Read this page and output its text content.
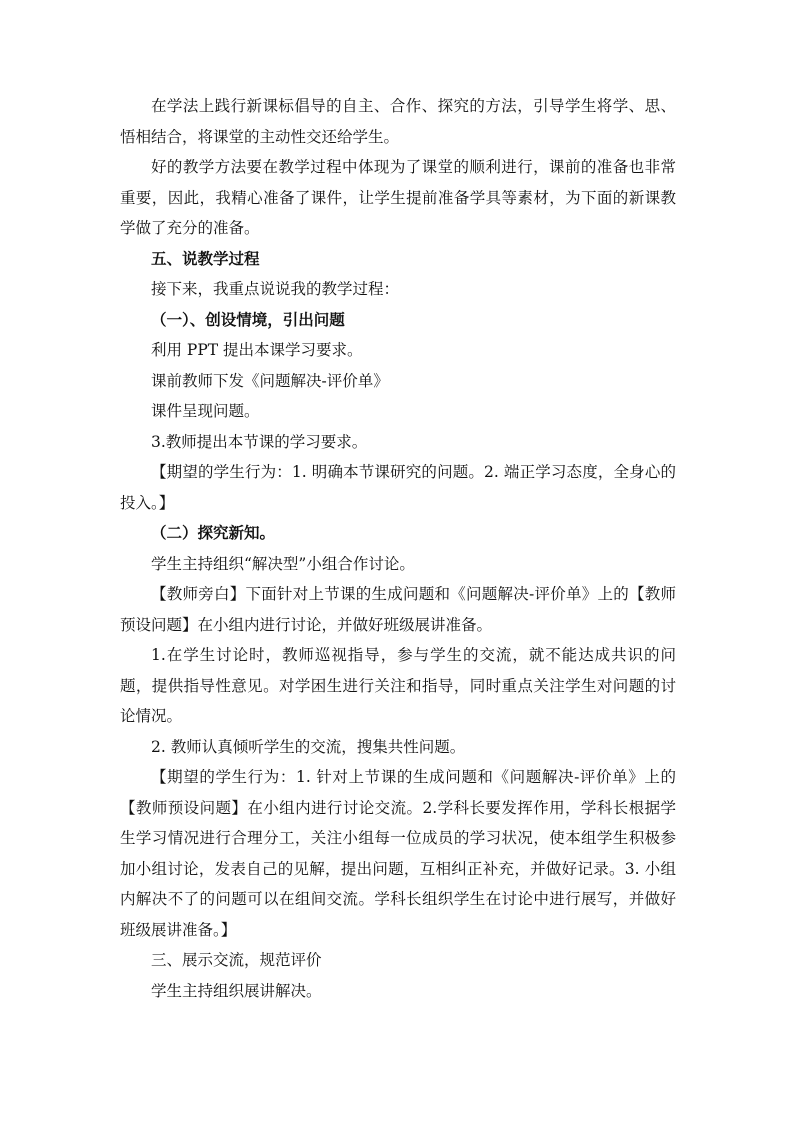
在学法上践行新课标倡导的自主、合作、探究的方法，引导学生将学、思、悟相结合，将课堂的主动性交还给学生。

好的教学方法要在教学过程中体现为了课堂的顺利进行，课前的准备也非常重要，因此，我精心准备了课件，让学生提前准备学具等素材，为下面的新课教学做了充分的准备。

五、说教学过程

接下来，我重点说说我的教学过程：

（一）、创设情境，引出问题

利用 PPT 提出本课学习要求。

课前教师下发《问题解决-评价单》

课件呈现问题。

3.教师提出本节课的学习要求。

【期望的学生行为：1. 明确本节课研究的问题。2. 端正学习态度，全身心的投入。】

（二）探究新知。

学生主持组织“解决型”小组合作讨论。

【教师旁白】下面针对上节课的生成问题和《问题解决-评价单》上的【教师预设问题】在小组内进行讨论，并做好班级展讲准备。

1.在学生讨论时，教师巡视指导，参与学生的交流，就不能达成共识的问题，提供指导性意见。对学困生进行关注和指导，同时重点关注学生对问题的讨论情况。

2. 教师认真倾听学生的交流，搜集共性问题。

【期望的学生行为：1. 针对上节课的生成问题和《问题解决-评价单》上的【教师预设问题】在小组内进行讨论交流。2.学科长要发挥作用，学科长根据学生学习情况进行合理分工，关注小组每一位成员的学习状况，使本组学生积极参加小组讨论，发表自己的见解，提出问题，互相纠正补充，并做好记录。3. 小组内解决不了的问题可以在组间交流。学科长组织学生在讨论中进行展写，并做好班级展讲准备。】

三、展示交流，规范评价

学生主持组织展讲解决。
